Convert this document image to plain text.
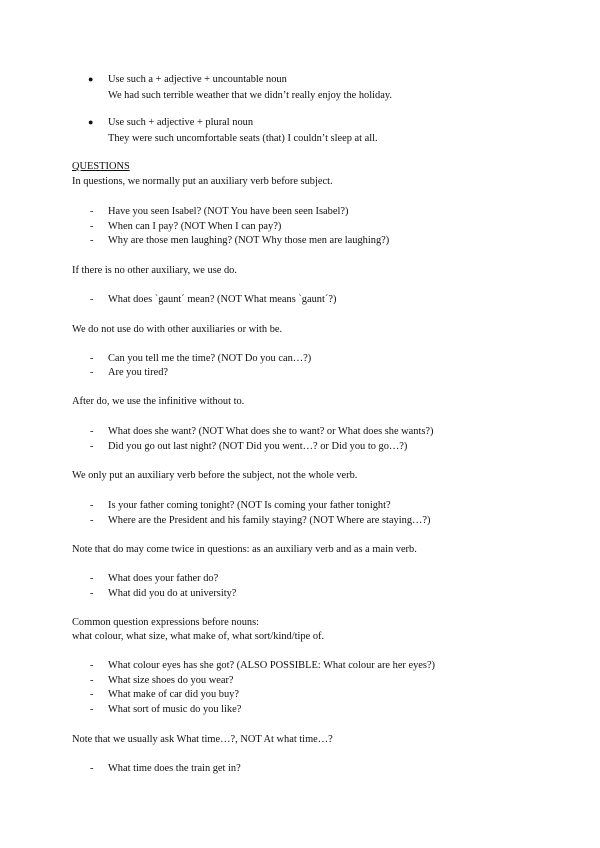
● Use such a + adjective + uncountable noun
We had such terrible weather that we didn’t really enjoy the holiday.
● Use such + adjective + plural noun
They were such uncomfortable seats (that) I couldn’t sleep at all.
QUESTIONS
In questions, we normally put an auxiliary verb before subject.
- Have you seen Isabel? (NOT You have been seen Isabel?)
- When can I pay? (NOT When I can pay?)
- Why are those men laughing? (NOT Why those men are laughing?)
If there is no other auxiliary, we use do.
- What does `gaunt´ mean? (NOT What means `gaunt´?)
We do not use do with other auxiliaries or with be.
- Can you tell me the time? (NOT Do you can…?)
- Are you tired?
After do, we use the infinitive without to.
- What does she want? (NOT What does she to want? or What does she wants?)
- Did you go out last night? (NOT Did you went…? or Did you to go…?)
We only put an auxiliary verb before the subject, not the whole verb.
- Is your father coming tonight? (NOT Is coming your father tonight?
- Where are the President and his family staying? (NOT Where are staying…?)
Note that do may come twice in questions: as an auxiliary verb and as a main verb.
- What does your father do?
- What did you do at university?
Common question expressions before nouns:
what colour, what size, what make of, what sort/kind/tipe of.
- What colour eyes has she got? (ALSO POSSIBLE: What colour are her eyes?)
- What size shoes do you wear?
- What make of car did you buy?
- What sort of music do you like?
Note that we usually ask What time…?, NOT At what time…?
- What time does the train get in?
